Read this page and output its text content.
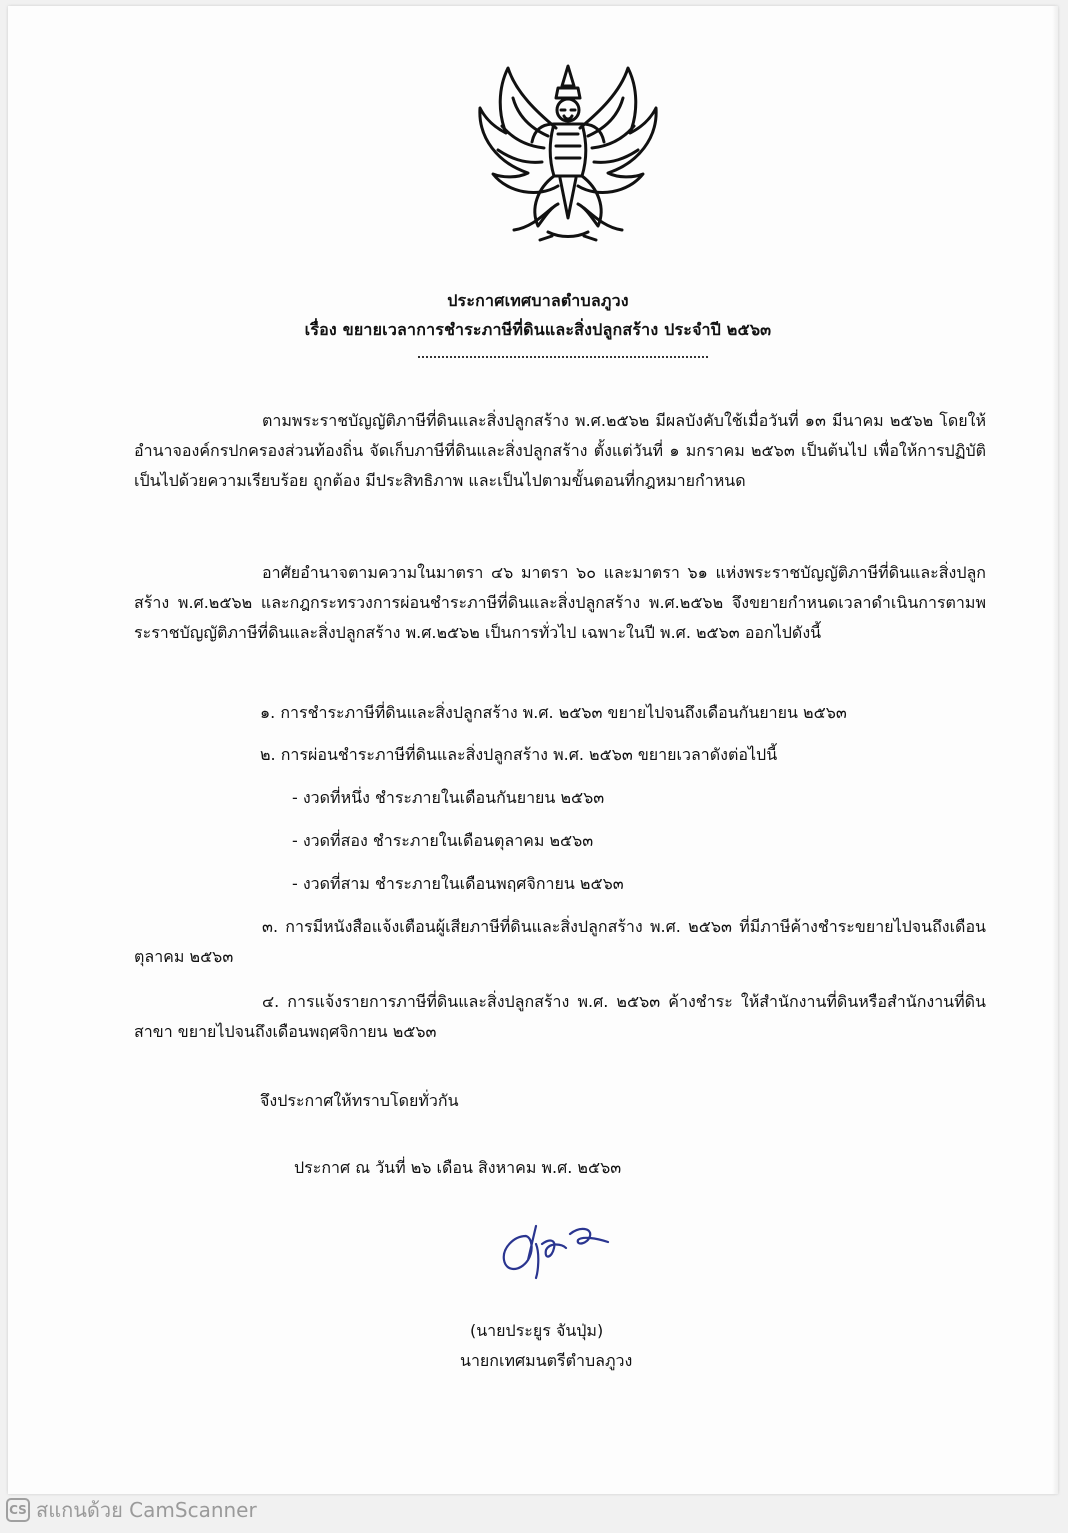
ประกาศเทศบาลตำบลภูวง
เรื่อง ขยายเวลาการชำระภาษีที่ดินและสิ่งปลูกสร้าง ประจำปี ๒๕๖๓

ตามพระราชบัญญัติภาษีที่ดินและสิ่งปลูกสร้าง พ.ศ.๒๕๖๒ มีผลบังคับใช้เมื่อวันที่ ๑๓ มีนาคม ๒๕๖๒ โดยให้อำนาจองค์กรปกครองส่วนท้องถิ่น จัดเก็บภาษีที่ดินและสิ่งปลูกสร้าง ตั้งแต่วันที่ ๑ มกราคม ๒๕๖๓ เป็นต้นไป เพื่อให้การปฏิบัติเป็นไปด้วยความเรียบร้อย ถูกต้อง มีประสิทธิภาพ และเป็นไปตามขั้นตอนที่กฎหมายกำหนด

อาศัยอำนาจตามความในมาตรา ๔๖ มาตรา ๖๐ และมาตรา ๖๑ แห่งพระราชบัญญัติภาษีที่ดินและสิ่งปลูกสร้าง พ.ศ.๒๕๖๒ และกฎกระทรวงการผ่อนชำระภาษีที่ดินและสิ่งปลูกสร้าง พ.ศ.๒๕๖๒ จึงขยายกำหนดเวลาดำเนินการตามพระราชบัญญัติภาษีที่ดินและสิ่งปลูกสร้าง พ.ศ.๒๕๖๒ เป็นการทั่วไป เฉพาะในปี พ.ศ. ๒๕๖๓ ออกไปดังนี้

๑. การชำระภาษีที่ดินและสิ่งปลูกสร้าง พ.ศ. ๒๕๖๓ ขยายไปจนถึงเดือนกันยายน ๒๕๖๓

๒. การผ่อนชำระภาษีที่ดินและสิ่งปลูกสร้าง พ.ศ. ๒๕๖๓ ขยายเวลาดังต่อไปนี้

- งวดที่หนึ่ง ชำระภายในเดือนกันยายน ๒๕๖๓

- งวดที่สอง ชำระภายในเดือนตุลาคม ๒๕๖๓

- งวดที่สาม ชำระภายในเดือนพฤศจิกายน ๒๕๖๓

๓. การมีหนังสือแจ้งเตือนผู้เสียภาษีที่ดินและสิ่งปลูกสร้าง พ.ศ. ๒๕๖๓ ที่มีภาษีค้างชำระขยายไปจนถึงเดือนตุลาคม ๒๕๖๓

๔. การแจ้งรายการภาษีที่ดินและสิ่งปลูกสร้าง พ.ศ. ๒๕๖๓ ค้างชำระ ให้สำนักงานที่ดินหรือสำนักงานที่ดินสาขา ขยายไปจนถึงเดือนพฤศจิกายน ๒๕๖๓

จึงประกาศให้ทราบโดยทั่วกัน

ประกาศ ณ วันที่ ๒๖ เดือน สิงหาคม พ.ศ. ๒๕๖๓

(นายประยูร จันปุ่ม)

นายกเทศมนตรีตำบลภูวง

CS สแกนด้วย CamScanner
